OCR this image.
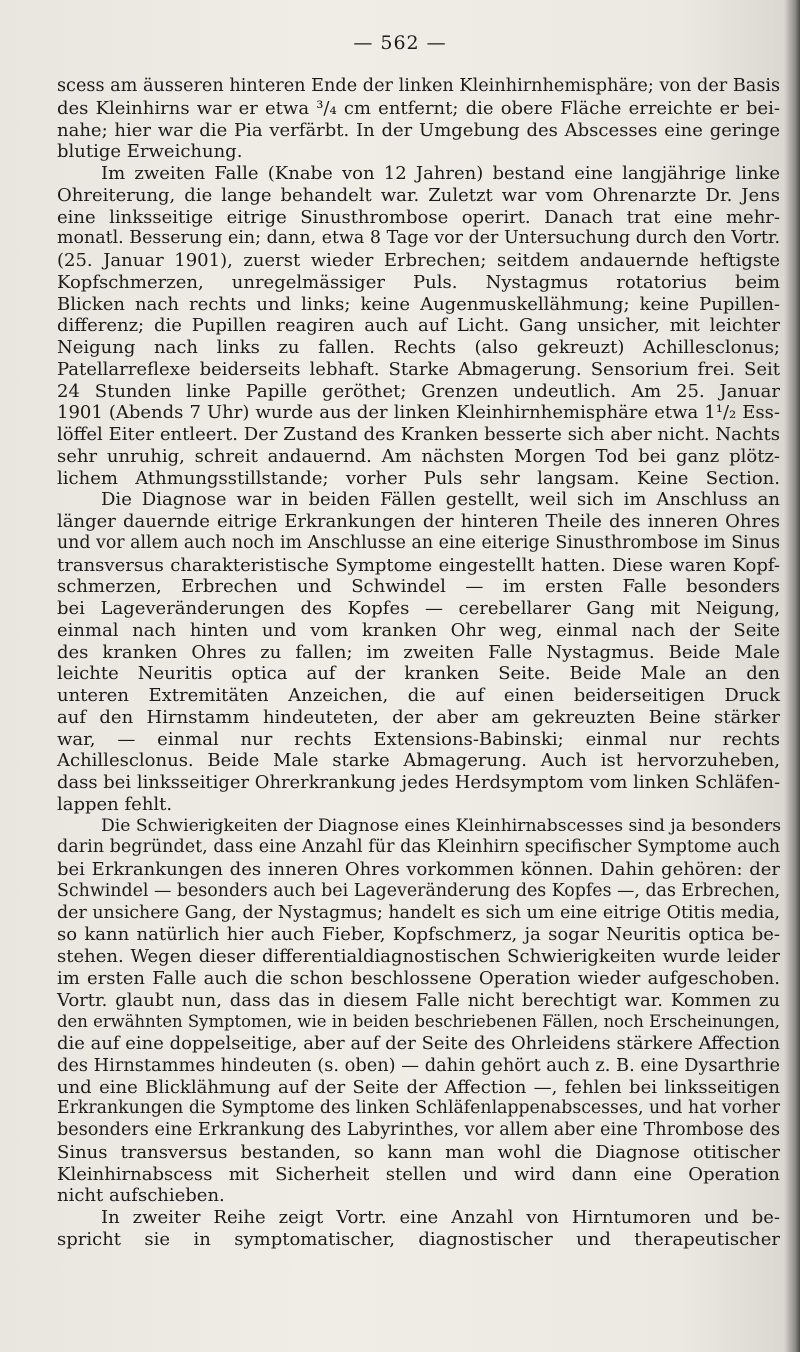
— 562 —
scess am äusseren hinteren Ende der linken Kleinhirnhemisphäre; von der Basis
des Kleinhirns war er etwa ³/₄ cm entfernt; die obere Fläche erreichte er bei-
nahe; hier war die Pia verfärbt. In der Umgebung des Abscesses eine geringe
blutige Erweichung.
Im zweiten Falle (Knabe von 12 Jahren) bestand eine langjährige linke
Ohreiterung, die lange behandelt war. Zuletzt war vom Ohrenarzte Dr. Jens
eine linksseitige eitrige Sinusthrombose operirt. Danach trat eine mehr-
monatl. Besserung ein; dann, etwa 8 Tage vor der Untersuchung durch den Vortr.
(25. Januar 1901), zuerst wieder Erbrechen; seitdem andauernde heftigste
Kopfschmerzen, unregelmässiger Puls. Nystagmus rotatorius beim
Blicken nach rechts und links; keine Augenmuskellähmung; keine Pupillen-
differenz; die Pupillen reagiren auch auf Licht. Gang unsicher, mit leichter
Neigung nach links zu fallen. Rechts (also gekreuzt) Achillesclonus;
Patellarreflexe beiderseits lebhaft. Starke Abmagerung. Sensorium frei. Seit
24 Stunden linke Papille geröthet; Grenzen undeutlich. Am 25. Januar
1901 (Abends 7 Uhr) wurde aus der linken Kleinhirnhemisphäre etwa 1¹/₂ Ess-
löffel Eiter entleert. Der Zustand des Kranken besserte sich aber nicht. Nachts
sehr unruhig, schreit andauernd. Am nächsten Morgen Tod bei ganz plötz-
lichem Athmungsstillstande; vorher Puls sehr langsam. Keine Section.
Die Diagnose war in beiden Fällen gestellt, weil sich im Anschluss an
länger dauernde eitrige Erkrankungen der hinteren Theile des inneren Ohres
und vor allem auch noch im Anschlusse an eine eiterige Sinusthrombose im Sinus
transversus charakteristische Symptome eingestellt hatten. Diese waren Kopf-
schmerzen, Erbrechen und Schwindel — im ersten Falle besonders
bei Lageveränderungen des Kopfes — cerebellarer Gang mit Neigung,
einmal nach hinten und vom kranken Ohr weg, einmal nach der Seite
des kranken Ohres zu fallen; im zweiten Falle Nystagmus. Beide Male
leichte Neuritis optica auf der kranken Seite. Beide Male an den
unteren Extremitäten Anzeichen, die auf einen beiderseitigen Druck
auf den Hirnstamm hindeuteten, der aber am gekreuzten Beine stärker
war, — einmal nur rechts Extensions-Babinski; einmal nur rechts
Achillesclonus. Beide Male starke Abmagerung. Auch ist hervorzuheben,
dass bei linksseitiger Ohrerkrankung jedes Herdsymptom vom linken Schläfen-
lappen fehlt.
Die Schwierigkeiten der Diagnose eines Kleinhirnabscesses sind ja besonders
darin begründet, dass eine Anzahl für das Kleinhirn specifischer Symptome auch
bei Erkrankungen des inneren Ohres vorkommen können. Dahin gehören: der
Schwindel — besonders auch bei Lageveränderung des Kopfes —, das Erbrechen,
der unsichere Gang, der Nystagmus; handelt es sich um eine eitrige Otitis media,
so kann natürlich hier auch Fieber, Kopfschmerz, ja sogar Neuritis optica be-
stehen. Wegen dieser differentialdiagnostischen Schwierigkeiten wurde leider
im ersten Falle auch die schon beschlossene Operation wieder aufgeschoben.
Vortr. glaubt nun, dass das in diesem Falle nicht berechtigt war. Kommen zu
den erwähnten Symptomen, wie in beiden beschriebenen Fällen, noch Erscheinungen,
die auf eine doppelseitige, aber auf der Seite des Ohrleidens stärkere Affection
des Hirnstammes hindeuten (s. oben) — dahin gehört auch z. B. eine Dysarthrie
und eine Blicklähmung auf der Seite der Affection —, fehlen bei linksseitigen
Erkrankungen die Symptome des linken Schläfenlappenabscesses, und hat vorher
besonders eine Erkrankung des Labyrinthes, vor allem aber eine Thrombose des
Sinus transversus bestanden, so kann man wohl die Diagnose otitischer
Kleinhirnabscess mit Sicherheit stellen und wird dann eine Operation
nicht aufschieben.
In zweiter Reihe zeigt Vortr. eine Anzahl von Hirntumoren und be-
spricht sie in symptomatischer, diagnostischer und therapeutischer
